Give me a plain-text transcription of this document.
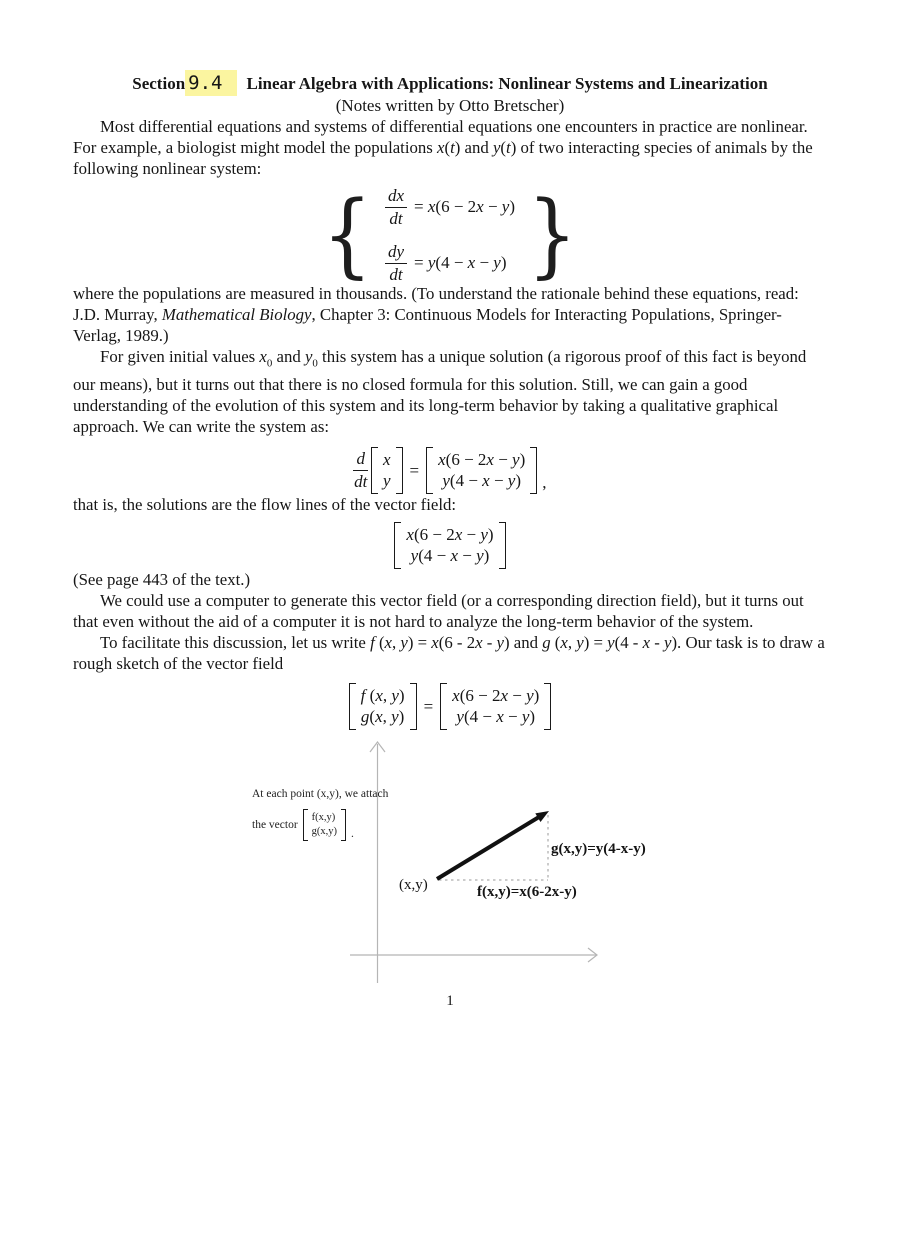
Section 9.4 Linear Algebra with Applications: Nonlinear Systems and Linearization
(Notes written by Otto Bretscher)

Most differential equations and systems of differential equations one encounters in practice are nonlinear. For example, a biologist might model the populations x(t) and y(t) of two interacting species of animals by the following nonlinear system:

{ $\frac{dx}{dt} = x(6 - 2x - y)$
$\frac{dy}{dt} = y(4 - x - y)$ }

where the populations are measured in thousands. (To understand the rationale behind these equations, read: J.D. Murray, Mathematical Biology, Chapter 3: Continuous Models for Interacting Populations, Springer-Verlag, 1989.)

For given initial values $x_0$ and $y_0$ this system has a unique solution (a rigorous proof of this fact is beyond our means), but it turns out that there is no closed formula for this solution. Still, we can gain a good understanding of the evolution of this system and its long-term behavior by taking a qualitative graphical approach. We can write the system as:

$\frac{d}{dt}$ x
y
=
x(6 − 2x − y)
y(4 − x − y) ,

that is, the solutions are the flow lines of the vector field:

x(6 − 2x − y)
y(4 − x − y)

(See page 443 of the text.)

We could use a computer to generate this vector field (or a corresponding direction field), but it turns out that even without the aid of a computer it is not hard to analyze the long-term behavior of the system.

To facilitate this discussion, let us write f (x, y) = x(6 - 2x - y) and g (x, y) = y(4 - x - y). Our task is to draw a rough sketch of the vector field

f (x, y)
g(x, y)
=
x(6 − 2x − y)
y(4 − x − y)
At each point (x,y), we attach
the vector
f(x,y)
g(x,y) .
(x,y)	f(x,y)=x(6-2x-y)
g(x,y)=y(4-x-y)
1
